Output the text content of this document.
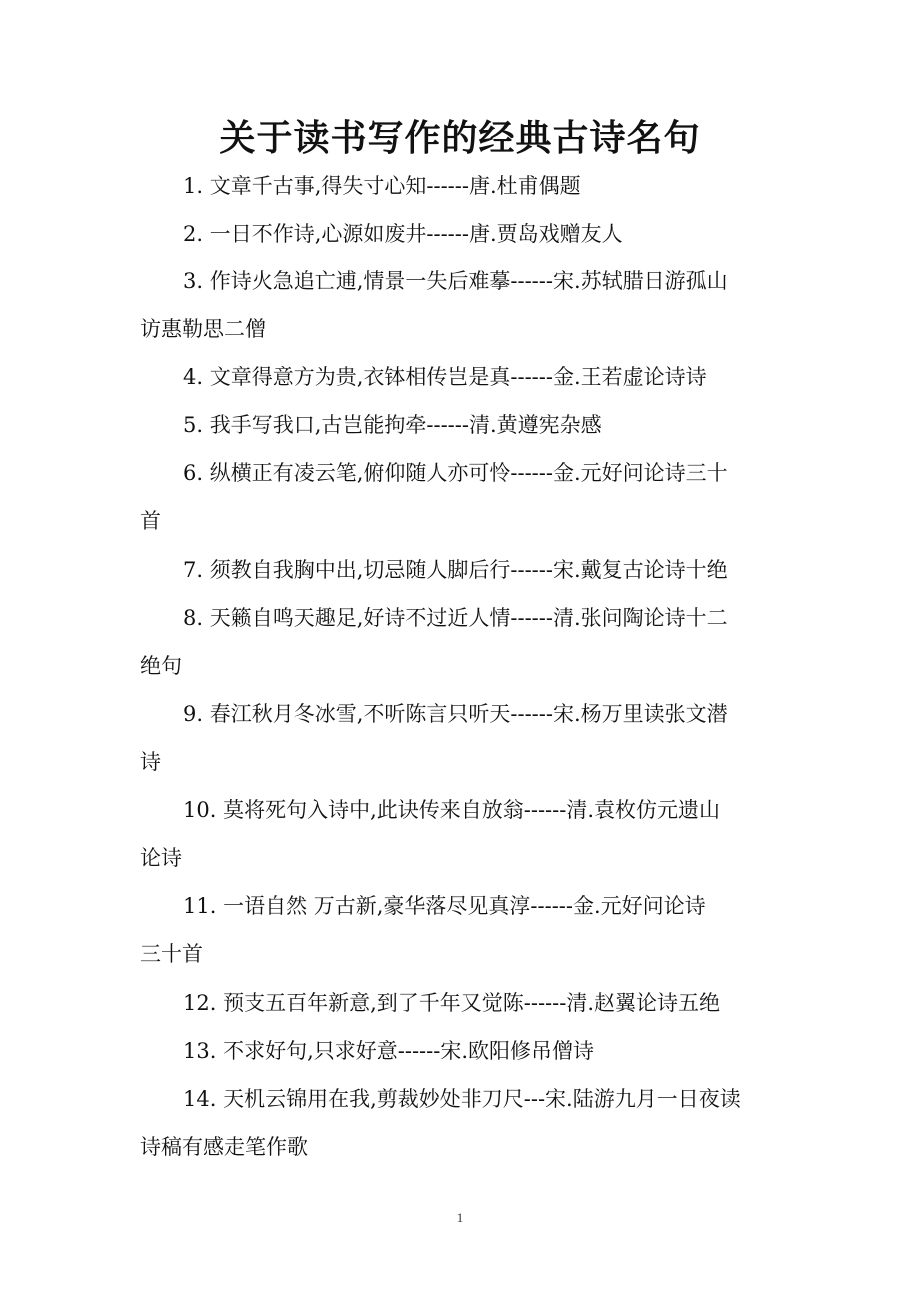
关于读书写作的经典古诗名句
1. 文章千古事,得失寸心知------唐.杜甫偶题
2. 一日不作诗,心源如废井------唐.贾岛戏赠友人
3. 作诗火急追亡逋,情景一失后难摹------宋.苏轼腊日游孤山
访惠勒思二僧
4. 文章得意方为贵,衣钵相传岂是真------金.王若虚论诗诗
5. 我手写我口,古岂能拘牵------清.黄遵宪杂感
6. 纵横正有凌云笔,俯仰随人亦可怜------金.元好问论诗三十
首
7. 须教自我胸中出,切忌随人脚后行------宋.戴复古论诗十绝
8. 天籁自鸣天趣足,好诗不过近人情------清.张问陶论诗十二
绝句
9. 春江秋月冬冰雪,不听陈言只听天------宋.杨万里读张文潜
诗
10. 莫将死句入诗中,此诀传来自放翁------清.袁枚仿元遗山
论诗
11. 一语自然 万古新,豪华落尽见真淳------金.元好问论诗
三十首
12. 预支五百年新意,到了千年又觉陈------清.赵翼论诗五绝
13. 不求好句,只求好意------宋.欧阳修吊僧诗
14. 天机云锦用在我,剪裁妙处非刀尺---宋.陆游九月一日夜读
诗稿有感走笔作歌
1
